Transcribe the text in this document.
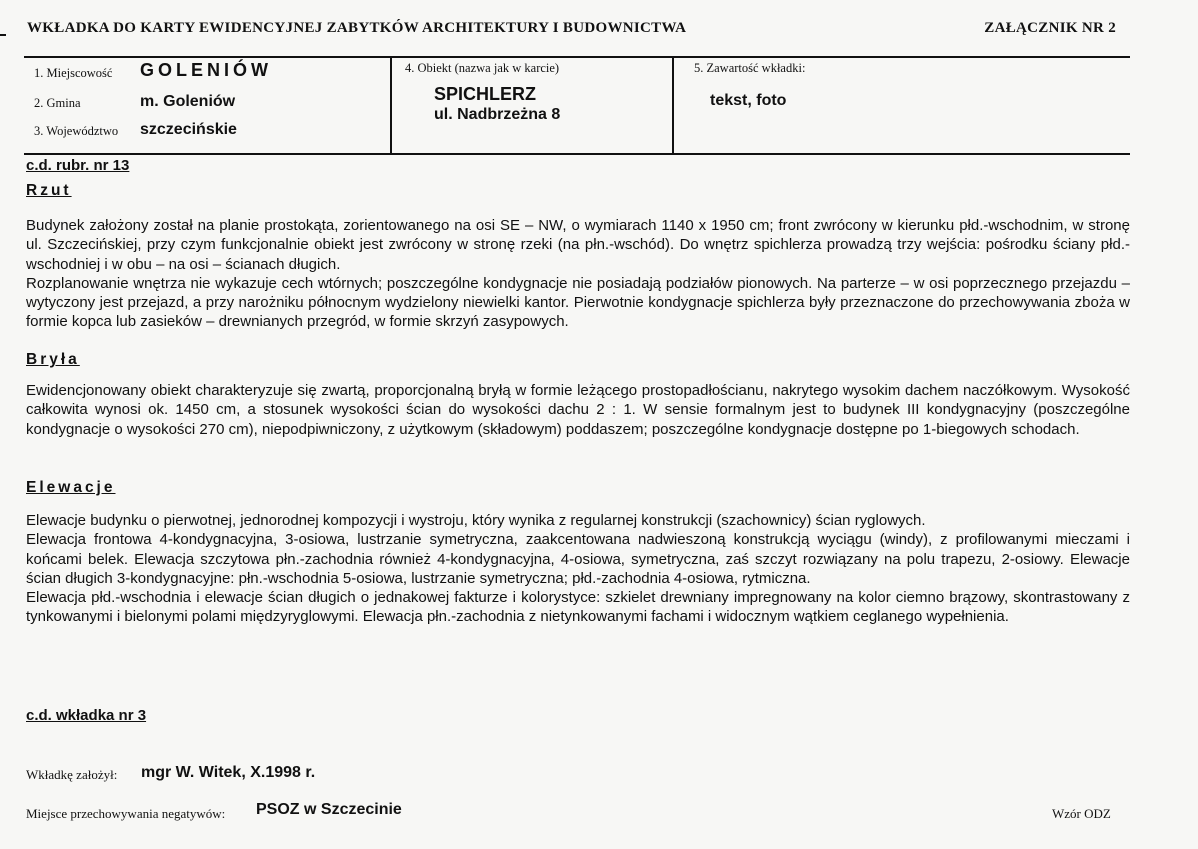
WKŁADKA DO KARTY EWIDENCYJNEJ ZABYTKÓW ARCHITEKTURY I BUDOWNICTWA	ZAŁĄCZNIK NR 2
1. Miejscowość GOLENIÓW
2. Gmina	m. Goleniów
3. Województwo szczecińskie
4. Obiekt (nazwa jak w karcie)
SPICHLERZ
ul. Nadbrzeżna 8
5. Zawartość wkładki:
tekst, foto
c.d. rubr. nr 13
Rzut

Budynek założony został na planie prostokąta, zorientowanego na osi SE – NW, o wymiarach 1140 x 1950 cm; front zwrócony w kierunku płd.-wschodnim, w stronę ul. Szczecińskiej, przy czym funkcjonalnie obiekt jest zwrócony w stronę rzeki (na płn.-wschód). Do wnętrz spichlerza prowadzą trzy wejścia: pośrodku ściany płd.-wschodniej i w obu – na osi – ścianach długich.

Rozplanowanie wnętrza nie wykazuje cech wtórnych; poszczególne kondygnacje nie posiadają podziałów pionowych. Na parterze – w osi poprzecznego przejazdu – wytyczony jest przejazd, a przy narożniku północnym wydzielony niewielki kantor. Pierwotnie kondygnacje spichlerza były przeznaczone do przechowywania zboża w formie kopca lub zasieków – drewnianych przegród, w formie skrzyń zasypowych.

Bryła

Ewidencjonowany obiekt charakteryzuje się zwartą, proporcjonalną bryłą w formie leżącego prostopadłościanu, nakrytego wysokim dachem naczółkowym. Wysokość całkowita wynosi ok. 1450 cm, a stosunek wysokości ścian do wysokości dachu 2 : 1. W sensie formalnym jest to budynek III kondygnacyjny (poszczególne kondygnacje o wysokości 270 cm), niepodpiwniczony, z użytkowym (składowym) poddaszem; poszczególne kondygnacje dostępne po 1-biegowych schodach.

Elewacje

Elewacje budynku o pierwotnej, jednorodnej kompozycji i wystroju, który wynika z regularnej konstrukcji (szachownicy) ścian ryglowych.

Elewacja frontowa 4-kondygnacyjna, 3-osiowa, lustrzanie symetryczna, zaakcentowana nadwieszoną konstrukcją wyciągu (windy), z profilowanymi mieczami i końcami belek. Elewacja szczytowa płn.-zachodnia również 4-kondygnacyjna, 4-osiowa, symetryczna, zaś szczyt rozwiązany na polu trapezu, 2-osiowy. Elewacje ścian długich 3-kondygnacyjne: płn.-wschodnia 5-osiowa, lustrzanie symetryczna; płd.-zachodnia 4-osiowa, rytmiczna.

Elewacja płd.-wschodnia i elewacje ścian długich o jednakowej fakturze i kolorystyce: szkielet drewniany impregnowany na kolor ciemno brązowy, skontrastowany z tynkowanymi i bielonymi polami międzyryglowymi. Elewacja płn.-zachodnia z nietynkowanymi fachami i widocznym wątkiem ceglanego wypełnienia.

c.d. wkładka nr 3
Wkładkę założył: mgr W. Witek, X.1998 r.
Miejsce przechowywania negatywów: PSOZ w Szczecinie	Wzór ODZ
